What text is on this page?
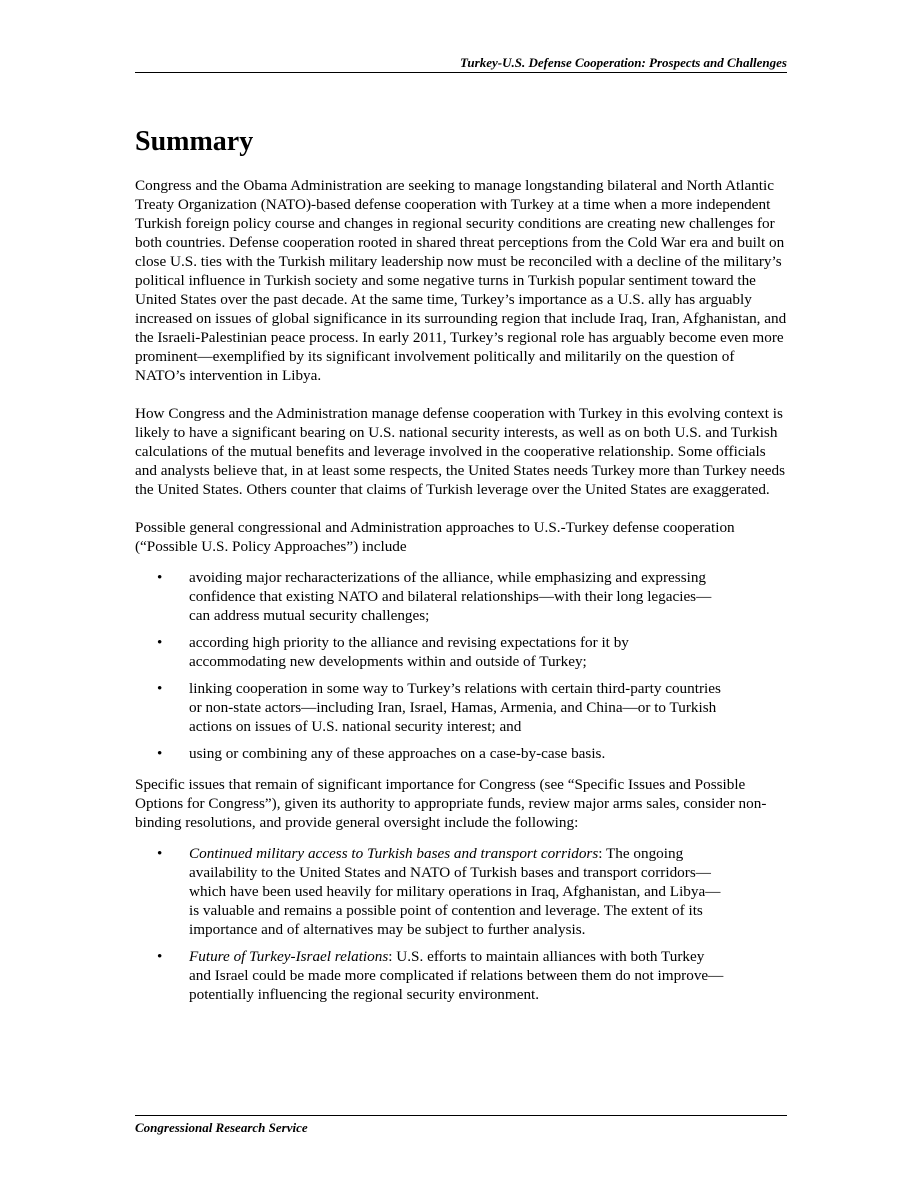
Turkey-U.S. Defense Cooperation: Prospects and Challenges
Summary

Congress and the Obama Administration are seeking to manage longstanding bilateral and North Atlantic Treaty Organization (NATO)-based defense cooperation with Turkey at a time when a more independent Turkish foreign policy course and changes in regional security conditions are creating new challenges for both countries. Defense cooperation rooted in shared threat perceptions from the Cold War era and built on close U.S. ties with the Turkish military leadership now must be reconciled with a decline of the military’s political influence in Turkish society and some negative turns in Turkish popular sentiment toward the United States over the past decade. At the same time, Turkey’s importance as a U.S. ally has arguably increased on issues of global significance in its surrounding region that include Iraq, Iran, Afghanistan, and the Israeli-Palestinian peace process. In early 2011, Turkey’s regional role has arguably become even more prominent—exemplified by its significant involvement politically and militarily on the question of NATO’s intervention in Libya.

How Congress and the Administration manage defense cooperation with Turkey in this evolving context is likely to have a significant bearing on U.S. national security interests, as well as on both U.S. and Turkish calculations of the mutual benefits and leverage involved in the cooperative relationship. Some officials and analysts believe that, in at least some respects, the United States needs Turkey more than Turkey needs the United States. Others counter that claims of Turkish leverage over the United States are exaggerated.

Possible general congressional and Administration approaches to U.S.-Turkey defense cooperation (“Possible U.S. Policy Approaches”) include

• avoiding major recharacterizations of the alliance, while emphasizing and expressing confidence that existing NATO and bilateral relationships—with their long legacies—can address mutual security challenges;
• according high priority to the alliance and revising expectations for it by accommodating new developments within and outside of Turkey;
• linking cooperation in some way to Turkey’s relations with certain third-party countries or non-state actors—including Iran, Israel, Hamas, Armenia, and China—or to Turkish actions on issues of U.S. national security interest; and
• using or combining any of these approaches on a case-by-case basis.

Specific issues that remain of significant importance for Congress (see “Specific Issues and Possible Options for Congress”), given its authority to appropriate funds, review major arms sales, consider non-binding resolutions, and provide general oversight include the following:

• Continued military access to Turkish bases and transport corridors: The ongoing availability to the United States and NATO of Turkish bases and transport corridors—which have been used heavily for military operations in Iraq, Afghanistan, and Libya—is valuable and remains a possible point of contention and leverage. The extent of its importance and of alternatives may be subject to further analysis.
• Future of Turkey-Israel relations: U.S. efforts to maintain alliances with both Turkey and Israel could be made more complicated if relations between them do not improve—potentially influencing the regional security environment.
Congressional Research Service
